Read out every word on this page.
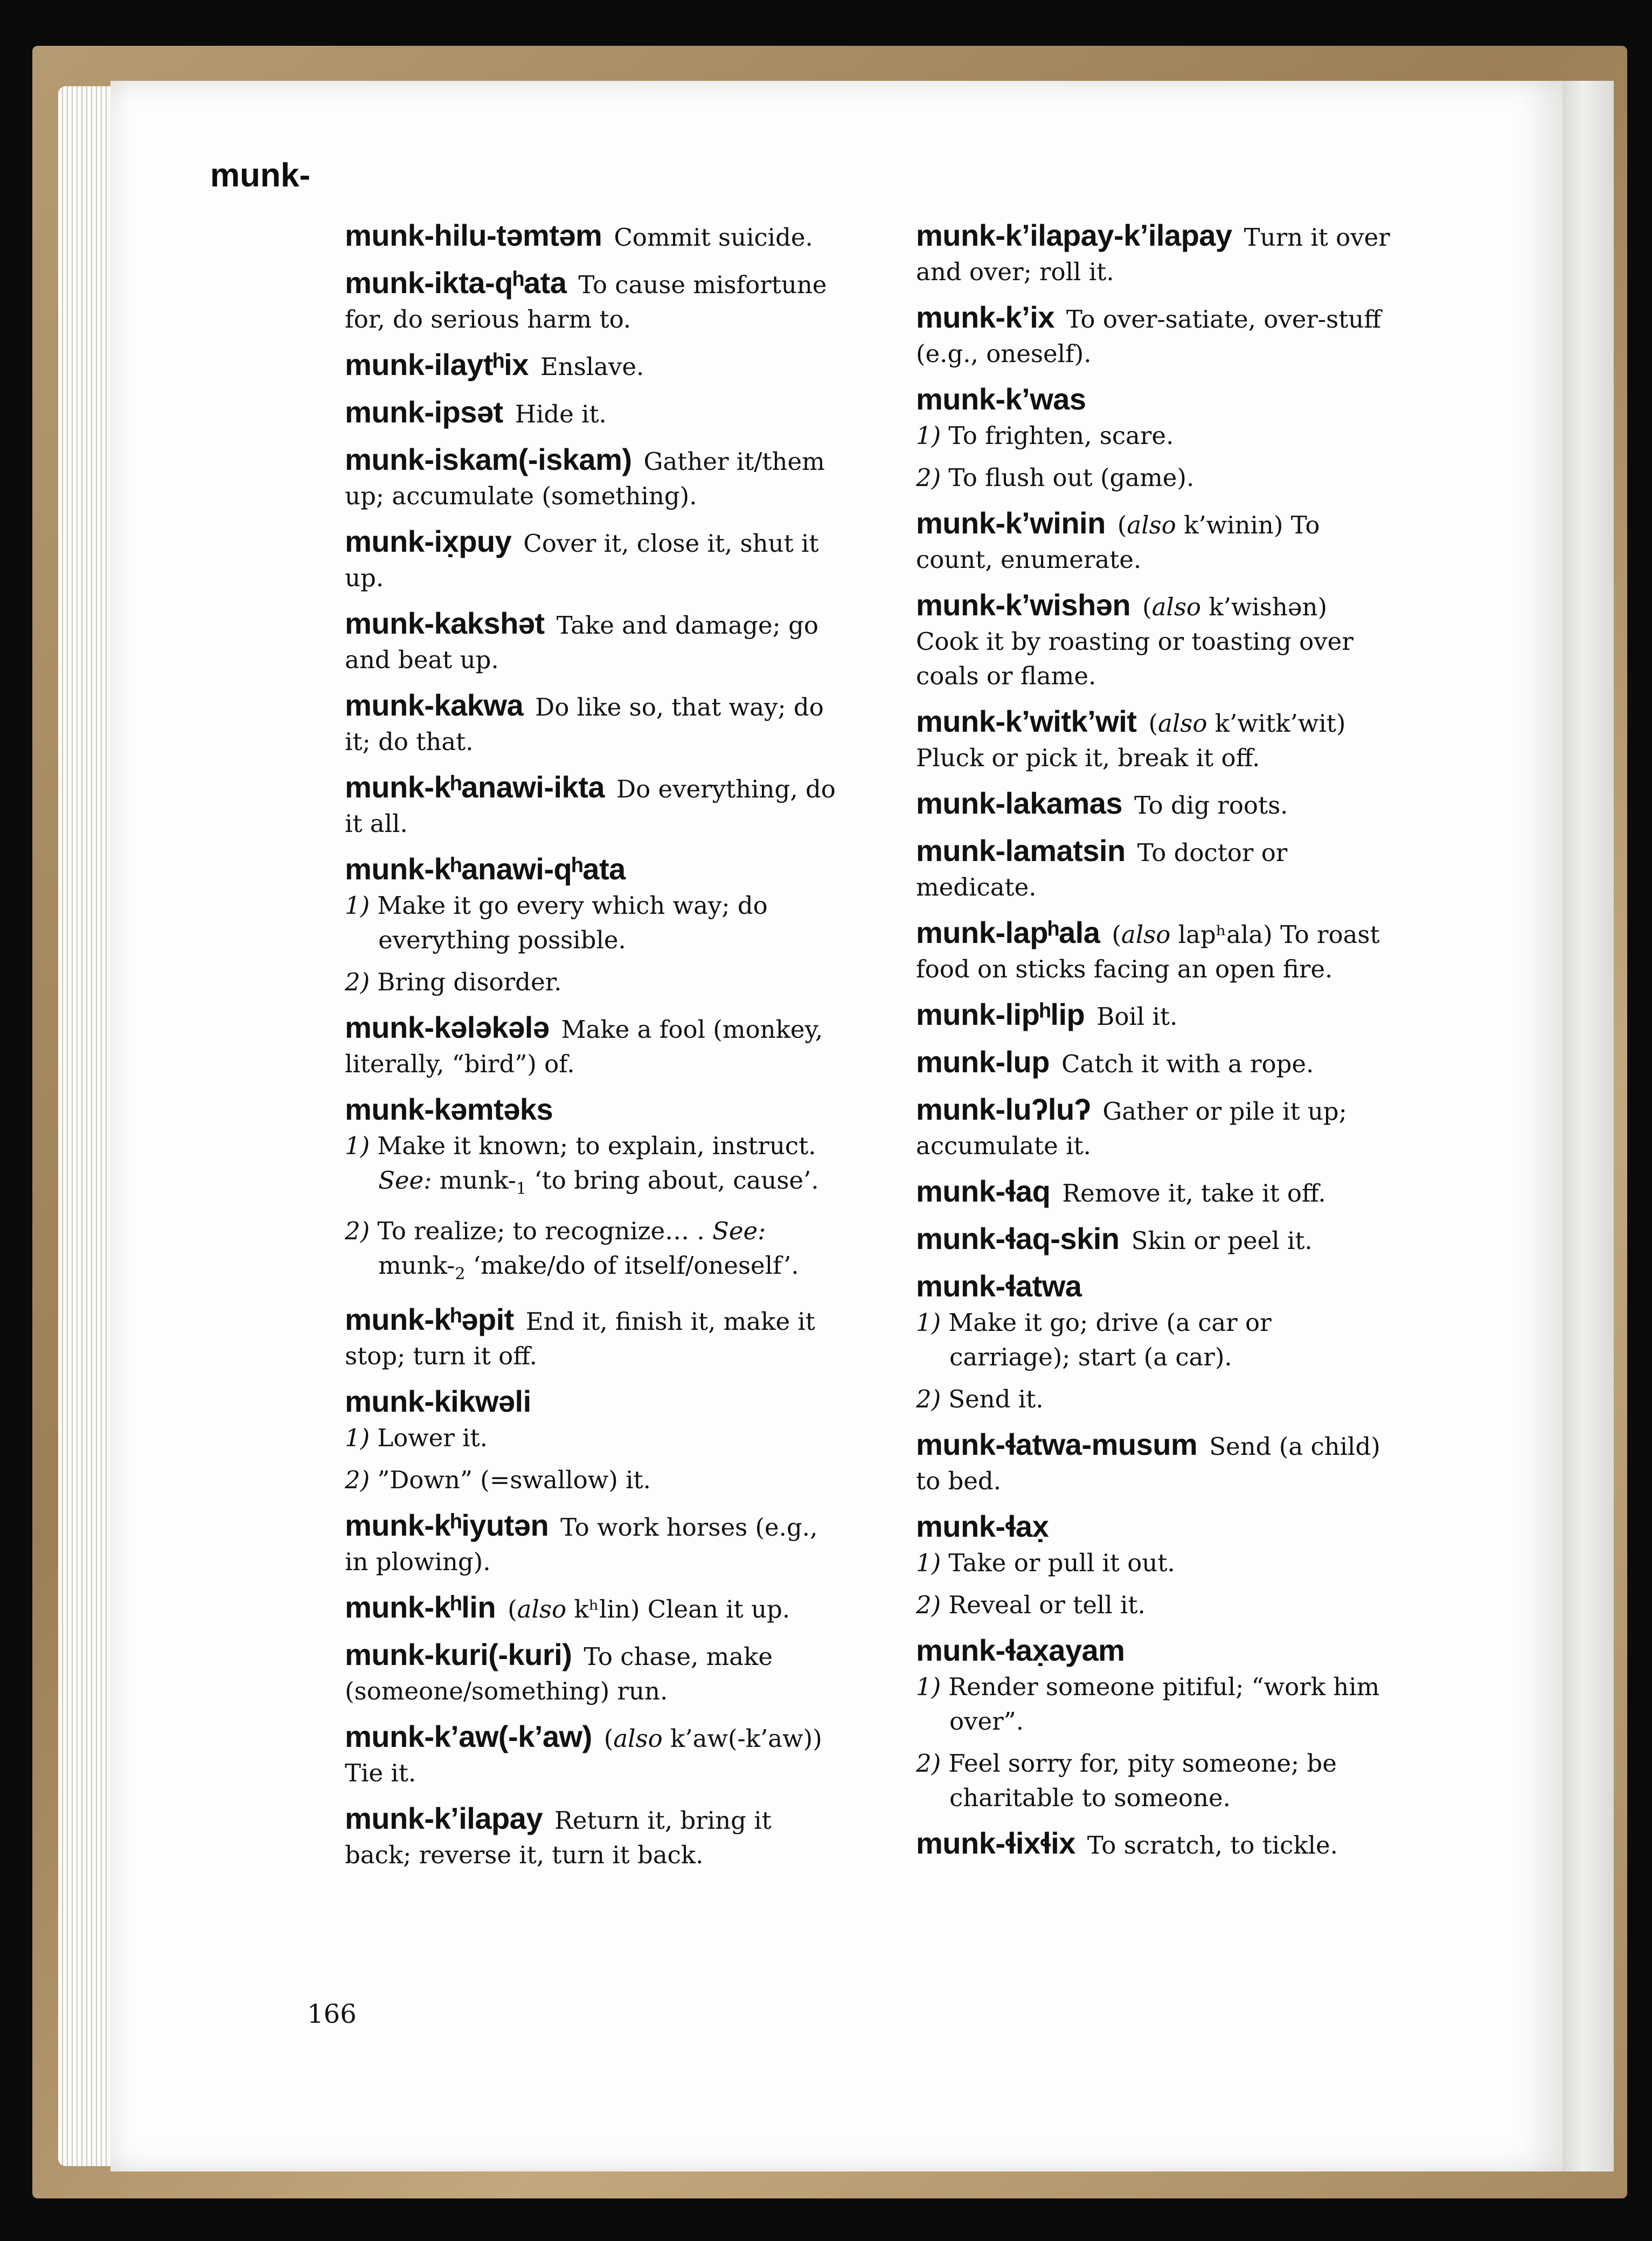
munk-
munk-hilu-təmtəm Commit suicide.
munk-ikta-qʰata To cause misfortune for, do serious harm to.
munk-ilaytʰix Enslave.
munk-ipsət Hide it.
munk-iskam(-iskam) Gather it/them up; accumulate (something).
munk-ix̣puy Cover it, close it, shut it up.
munk-kakshət Take and damage; go and beat up.
munk-kakwa Do like so, that way; do it; do that.
munk-kʰanawi-ikta Do everything, do it all.
munk-kʰanawi-qʰata
1) Make it go every which way; do everything possible.
2) Bring disorder.
munk-kələkələ Make a fool (monkey, literally, “bird”) of.
munk-kəmtəks
1) Make it known; to explain, instruct. See: munk-$_1$ ‘to bring about, cause’.
2) To realize; to recognize… . See: munk-$_2$ ‘make/do of itself/oneself’.
munk-kʰəpit End it, finish it, make it stop; turn it off.
munk-kikwəli
1) Lower it.
2) ”Down” (=swallow) it.
munk-kʰiyutən To work horses (e.g., in plowing).
munk-kʰlin (also kʰlin) Clean it up.
munk-kuri(-kuri) To chase, make (someone/something) run.
munk-k’aw(-k’aw) (also k’aw(-k’aw)) Tie it.
munk-k’ilapay Return it, bring it back; reverse it, turn it back.
munk-k’ilapay-k’ilapay Turn it over and over; roll it.
munk-k’ix To over-satiate, over-stuff (e.g., oneself).
munk-k’was
1) To frighten, scare.
2) To flush out (game).
munk-k’winin (also k’winin) To count, enumerate.
munk-k’wishən (also k’wishən) Cook it by roasting or toasting over coals or flame.
munk-k’witk’wit (also k’witk’wit) Pluck or pick it, break it off.
munk-lakamas To dig roots.
munk-lamatsin To doctor or medicate.
munk-lapʰala (also lapʰala) To roast food on sticks facing an open fire.
munk-lipʰlip Boil it.
munk-lup Catch it with a rope.
munk-luʔluʔ Gather or pile it up; accumulate it.
munk-ɬaq Remove it, take it off.
munk-ɬaq-skin Skin or peel it.
munk-ɬatwa
1) Make it go; drive (a car or carriage); start (a car).
2) Send it.
munk-ɬatwa-musum Send (a child) to bed.
munk-ɬax̣
1) Take or pull it out.
2) Reveal or tell it.
munk-ɬax̣ayam
1) Render someone pitiful; “work him over”.
2) Feel sorry for, pity someone; be charitable to someone.
munk-ɬixɬix To scratch, to tickle.
166
